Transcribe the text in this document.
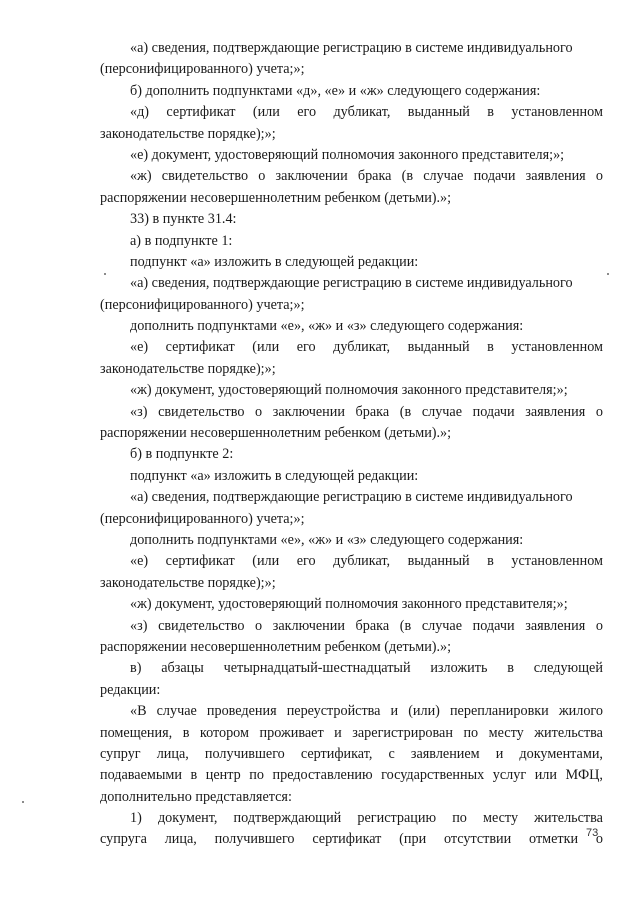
«а) сведения, подтверждающие регистрацию в системе индивидуального
(персонифицированного) учета;»;
б) дополнить подпунктами «д», «е» и «ж» следующего содержания:
«д) сертификат (или его дубликат, выданный в установленном
законодательстве порядке);»;
«е) документ, удостоверяющий полномочия законного представителя;»;
«ж) свидетельство о заключении брака (в случае подачи заявления о
распоряжении несовершеннолетним ребенком (детьми).»;
33) в пункте 31.4:
а) в подпункте 1:
подпункт «а» изложить в следующей редакции:
«а) сведения, подтверждающие регистрацию в системе индивидуального
(персонифицированного) учета;»;
дополнить подпунктами «е», «ж» и «з» следующего содержания:
«е) сертификат (или его дубликат, выданный в установленном
законодательстве порядке);»;
«ж) документ, удостоверяющий полномочия законного представителя;»;
«з) свидетельство о заключении брака (в случае подачи заявления о
распоряжении несовершеннолетним ребенком (детьми).»;
б) в подпункте 2:
подпункт «а» изложить в следующей редакции:
«а) сведения, подтверждающие регистрацию в системе индивидуального
(персонифицированного) учета;»;
дополнить подпунктами «е», «ж» и «з» следующего содержания:
«е) сертификат (или его дубликат, выданный в установленном
законодательстве порядке);»;
«ж) документ, удостоверяющий полномочия законного представителя;»;
«з) свидетельство о заключении брака (в случае подачи заявления о
распоряжении несовершеннолетним ребенком (детьми).»;
в) абзацы четырнадцатый-шестнадцатый изложить в следующей
редакции:
«В случае проведения переустройства и (или) перепланировки жилого
помещения, в котором проживает и зарегистрирован по месту жительства
супруг лица, получившего сертификат, с заявлением и документами,
подаваемыми в центр по предоставлению государственных услуг или МФЦ,
дополнительно представляется:
1) документ, подтверждающий регистрацию по месту жительства
супруга лица, получившего сертификат (при отсутствии отметки о
73
